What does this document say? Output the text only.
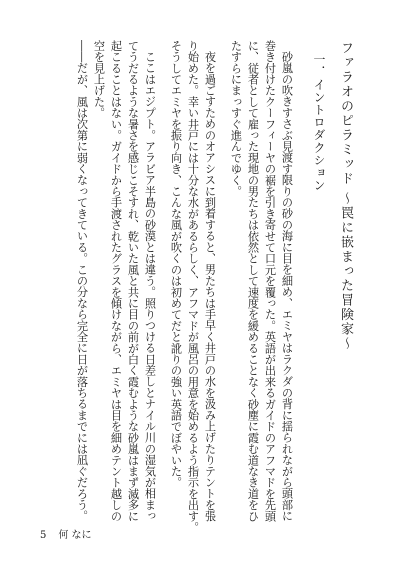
ファラオのピラミッド ～罠に嵌まった冒険家～
一．イントロダクション
砂嵐の吹きすさぶ見渡す限りの砂の海に目を細め、エミヤはラクダの背に揺られながら頭部に
巻き付けたクーフィーヤの裾を引き寄せて口元を覆った。英語が出来るガイドのアフマドを先頭
に、従者として雇った現地の男たちは依然として速度を緩めることなく砂塵に霞む道なき道をひ
たすらにまっすぐ進んでゆく。
夜を過ごすためのオアシスに到着すると、男たちは手早く井戸の水を汲み上げたりテントを張
り始めた。幸い井戸には十分な水があるらしく、アフマドが風呂の用意を始めるよう指示を出す。
そうしてエミヤを振り向き、こんな風が吹くのは初めてだと訛りの強い英語でぼやいた。
ここはエジプト。アラビア半島の砂漠とは違う。照りつける日差しとナイル川の湿気が相まっ
てうだるような暑さを感じこそすれ、乾いた風と共に目の前が白く霞むような砂嵐はまず滅多に
起こることはない。ガイドから手渡されたグラスを傾けながら、エミヤは目を細めテント越しの
空を見上げた。
――だが、風は次第に弱くなってきている。この分なら完全に日が落ちるまでには凪ぐだろう。
5 何 なに
